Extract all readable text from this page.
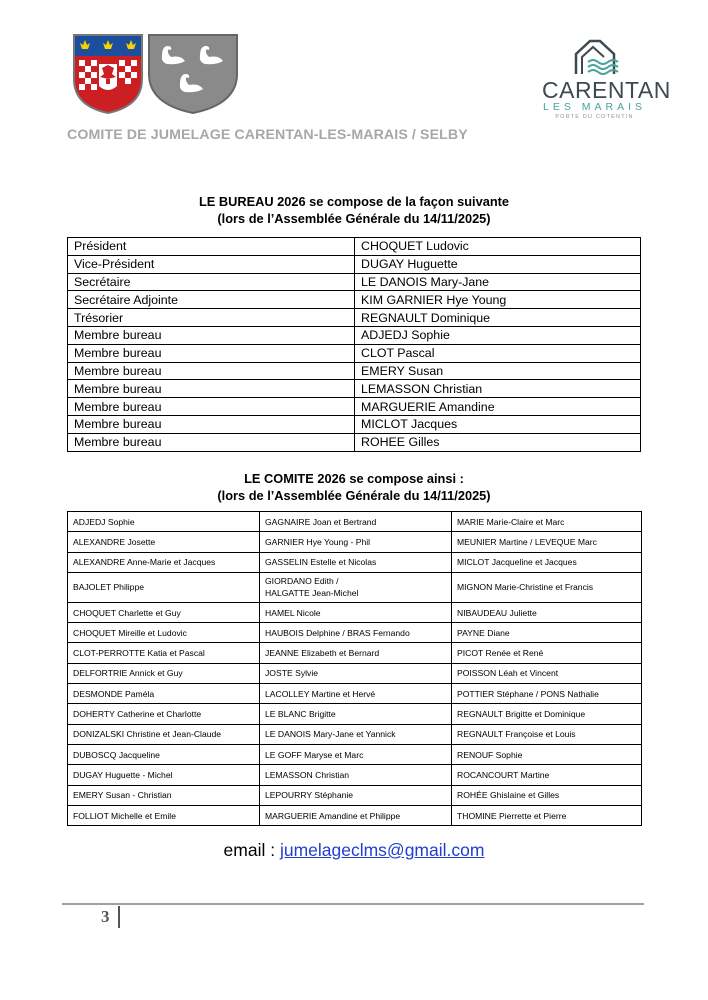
CARENTAN
LES MARAIS
PORTE DU COTENTIN
COMITE DE JUMELAGE CARENTAN-LES-MARAIS / SELBY
LE BUREAU 2026 se compose de la façon suivante
(lors de l’Assemblée Générale du 14/11/2025)
Président	CHOQUET Ludovic
Vice-Président	DUGAY Huguette
Secrétaire	LE DANOIS Mary-Jane
Secrétaire Adjointe	KIM GARNIER Hye Young
Trésorier	REGNAULT Dominique
Membre bureau	ADJEDJ Sophie
Membre bureau	CLOT Pascal
Membre bureau	EMERY Susan
Membre bureau	LEMASSON Christian
Membre bureau	MARGUERIE Amandine
Membre bureau	MICLOT Jacques
Membre bureau	ROHEE Gilles
LE COMITE 2026 se compose ainsi :
(lors de l’Assemblée Générale du 14/11/2025)
ADJEDJ Sophie	GAGNAIRE Joan et Bertrand	MARIE Marie-Claire et Marc
ALEXANDRE Josette	GARNIER Hye Young - Phil	MEUNIER Martine / LEVEQUE Marc
ALEXANDRE Anne-Marie et Jacques	GASSELIN Estelle et Nicolas	MICLOT Jacqueline et Jacques
BAJOLET Philippe	GIORDANO Edith /
HALGATTE Jean-Michel	MIGNON Marie-Christine et Francis
CHOQUET Charlette et Guy	HAMEL Nicole	NIBAUDEAU Juliette
CHOQUET Mireille et Ludovic	HAUBOIS Delphine / BRAS Fernando	PAYNE Diane
CLOT-PERROTTE Katia et Pascal	JEANNE Elizabeth et Bernard	PICOT Renée et René
DELFORTRIE Annick et Guy	JOSTE Sylvie	POISSON Léah et Vincent
DESMONDE Paméla	LACOLLEY Martine et Hervé	POTTIER Stéphane / PONS Nathalie
DOHERTY Catherine et Charlotte	LE BLANC Brigitte	REGNAULT Brigitte et Dominique
DONIZALSKI Christine et Jean-Claude	LE DANOIS Mary-Jane et Yannick	REGNAULT Françoise et Louis
DUBOSCQ Jacqueline	LE GOFF Maryse et Marc	RENOUF Sophie
DUGAY Huguette - Michel	LEMASSON Christian	ROCANCOURT Martine
EMERY Susan - Christian	LEPOURRY Stéphanie	ROHÉE Ghislaine et Gilles
FOLLIOT Michelle et Emile	MARGUERIE Amandine et Philippe	THOMINE Pierrette et Pierre
email : jumelageclms@gmail.com
3
